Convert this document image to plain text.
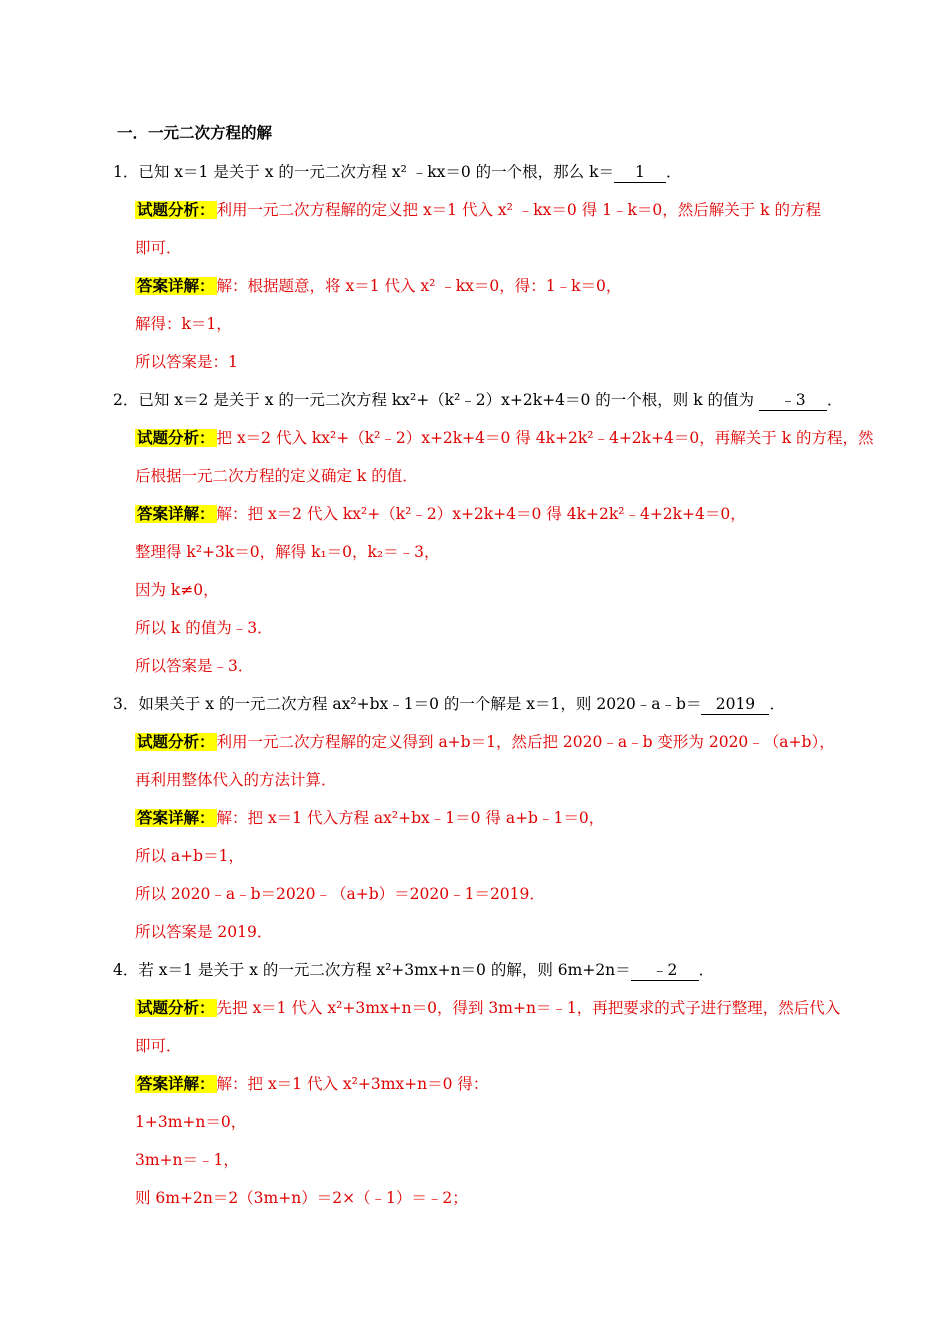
一．一元二次方程的解
1．已知 x＝1 是关于 x 的一元二次方程 x² ﹣kx＝0 的一个根，那么 k＝ 1 ．
试题分析： 利用一元二次方程解的定义把 x＝1 代入 x² ﹣kx＝0 得 1﹣k＝0，然后解关于 k 的方程
即可．
答案详解： 解：根据题意，将 x＝1 代入 x² ﹣kx＝0，得：1﹣k＝0，
解得：k＝1，
所以答案是：1
2．已知 x＝2 是关于 x 的一元二次方程 kx²+（k²﹣2）x+2k+4＝0 的一个根，则 k 的值为 ﹣3 ．
试题分析： 把 x＝2 代入 kx²+（k²﹣2）x+2k+4＝0 得 4k+2k²﹣4+2k+4＝0，再解关于 k 的方程，然
后根据一元二次方程的定义确定 k 的值．
答案详解： 解：把 x＝2 代入 kx²+（k²﹣2）x+2k+4＝0 得 4k+2k²﹣4+2k+4＝0，
整理得 k²+3k＝0，解得 k₁＝0，k₂＝﹣3，
因为 k≠0，
所以 k 的值为﹣3．
所以答案是﹣3．
3．如果关于 x 的一元二次方程 ax²+bx﹣1＝0 的一个解是 x＝1，则 2020﹣a﹣b＝ 2019 ．
试题分析： 利用一元二次方程解的定义得到 a+b＝1，然后把 2020﹣a﹣b 变形为 2020﹣（a+b），
再利用整体代入的方法计算．
答案详解： 解：把 x＝1 代入方程 ax²+bx﹣1＝0 得 a+b﹣1＝0，
所以 a+b＝1，
所以 2020﹣a﹣b＝2020﹣（a+b）＝2020﹣1＝2019．
所以答案是 2019．
4．若 x＝1 是关于 x 的一元二次方程 x²+3mx+n＝0 的解，则 6m+2n＝ ﹣2 ．
试题分析： 先把 x＝1 代入 x²+3mx+n＝0，得到 3m+n＝﹣1，再把要求的式子进行整理，然后代入
即可．
答案详解： 解：把 x＝1 代入 x²+3mx+n＝0 得：
1+3m+n＝0，
3m+n＝﹣1，
则 6m+2n＝2（3m+n）＝2×（﹣1）＝﹣2；
